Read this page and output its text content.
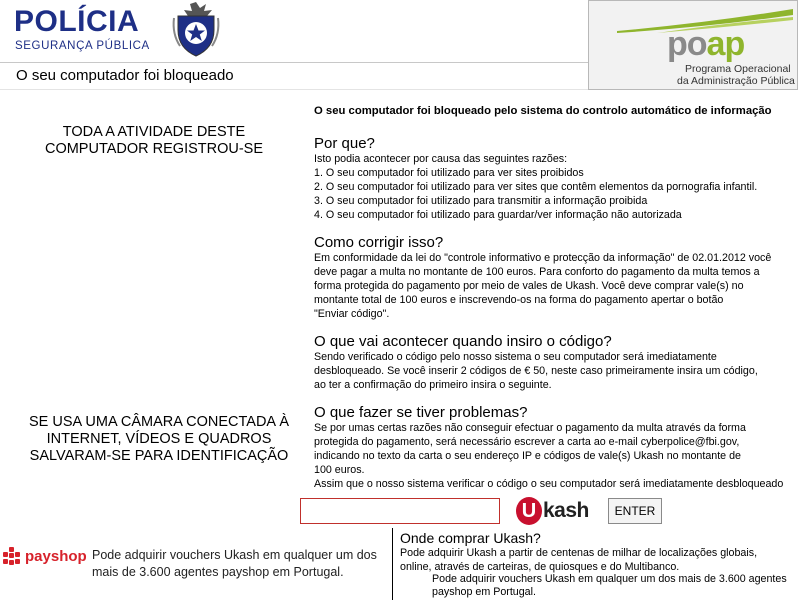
POLÍCIA
SEGURANÇA PÚBLICA
O seu computador foi bloqueado
poap
Programa Operacional
da Administração Pública
TODA A ATIVIDADE DESTE COMPUTADOR REGISTROU-SE
SE USA UMA CÂMARA CONECTADA À INTERNET, VÍDEOS E QUADROS SALVARAM-SE PARA IDENTIFICAÇÃO
O seu computador foi bloqueado pelo sistema do controlo automático de informação
Por que?

Isto podia acontecer por causa das seguintes razões:

1. O seu computador foi utilizado para ver sites proibidos

2. O seu computador foi utilizado para ver sites que contêm elementos da pornografia infantil.

3. O seu computador foi utilizado para transmitir a informação proibida

4. O seu computador foi utilizado para guardar/ver informação não autorizada

Como corrigir isso?

Em conformidade da lei do "controle informativo e protecção da informação" de 02.01.2012 você

deve pagar a multa no montante de 100 euros. Para conforto do pagamento da multa temos a

forma protegida do pagamento por meio de vales de Ukash. Você deve comprar vale(s) no

montante total de 100 euros e inscrevendo-os na forma do pagamento apertar o botão

"Enviar código".

O que vai acontecer quando insiro o código?

Sendo verificado o código pelo nosso sistema o seu computador será imediatamente

desbloqueado. Se você inserir 2 códigos de € 50, neste caso primeiramente insira um código,

ao ter a confirmação do primeiro insira o seguinte.

O que fazer se tiver problemas?

Se por umas certas razões não conseguir efectuar o pagamento da multa através da forma

protegida do pagamento, será necessário escrever a carta ao e-mail cyberpolice@fbi.gov,

indicando no texto da carta o seu endereço IP e códigos de vale(s) Ukash no montante de

100 euros.

Assim que o nosso sistema verificar o código o seu computador será imediatamente desbloqueado

U kash	ENTER
payshop Pode adquirir vouchers Ukash em qualquer um dos mais de 3.600 agentes payshop em Portugal.
Onde comprar Ukash?
Pode adquirir Ukash a partir de centenas de milhar de localizações globais,
online, através de carteiras, de quiosques e do Multibanco.
Pode adquirir vouchers Ukash em qualquer um dos mais de 3.600 agentes
payshop em Portugal.
